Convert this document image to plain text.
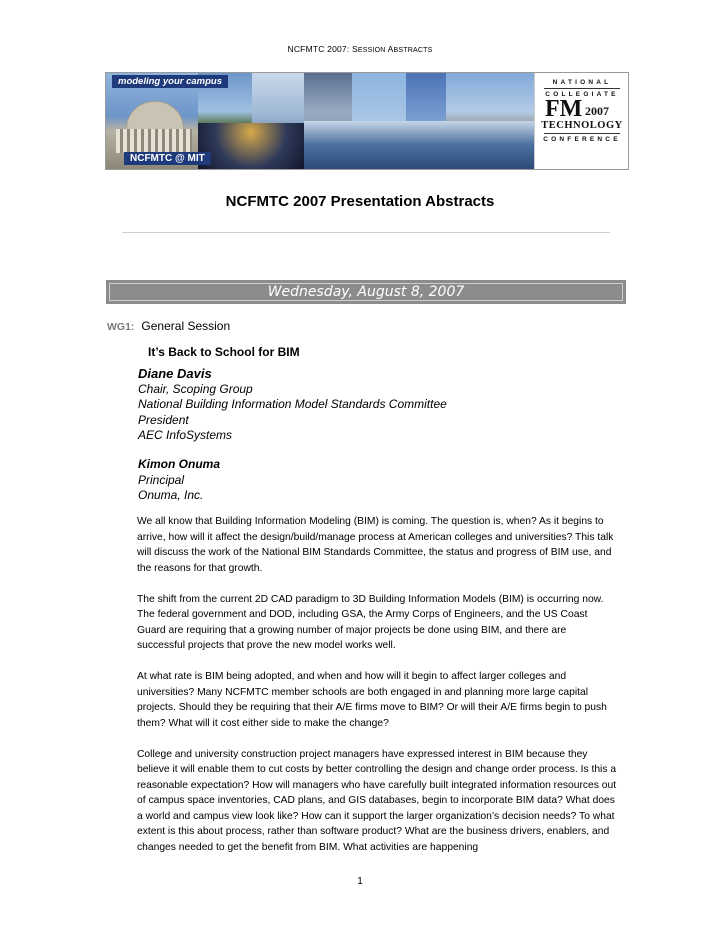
NCFMTC 2007: SESSION ABSTRACTS
modeling your campus
NCFMTC @ MIT
NATIONAL
COLLEGIATE
FM 2007
TECHNOLOGY
CONFERENCE
NCFMTC 2007 Presentation Abstracts
Wednesday, August 8, 2007
WG1: General Session
It’s Back to School for BIM
Diane Davis
Chair, Scoping Group
National Building Information Model Standards Committee
President
AEC InfoSystems
Kimon Onuma
Principal
Onuma, Inc.

We all know that Building Information Modeling (BIM) is coming. The question is, when? As it begins to arrive, how will it affect the design/build/manage process at American colleges and universities? This talk will discuss the work of the National BIM Standards Committee, the status and progress of BIM use, and the reasons for that growth.

The shift from the current 2D CAD paradigm to 3D Building Information Models (BIM) is occurring now. The federal government and DOD, including GSA, the Army Corps of Engineers, and the US Coast Guard are requiring that a growing number of major projects be done using BIM, and there are successful projects that prove the new model works well.

At what rate is BIM being adopted, and when and how will it begin to affect larger colleges and universities? Many NCFMTC member schools are both engaged in and planning more large capital projects. Should they be requiring that their A/E firms move to BIM? Or will their A/E firms begin to push them? What will it cost either side to make the change?

College and university construction project managers have expressed interest in BIM because they believe it will enable them to cut costs by better controlling the design and change order process. Is this a reasonable expectation? How will managers who have carefully built integrated information resources out of campus space inventories, CAD plans, and GIS databases, begin to incorporate BIM data? What does a world and campus view look like? How can it support the larger organization’s decision needs? To what extent is this about process, rather than software product? What are the business drivers, enablers, and changes needed to get the benefit from BIM. What activities are happening

1
